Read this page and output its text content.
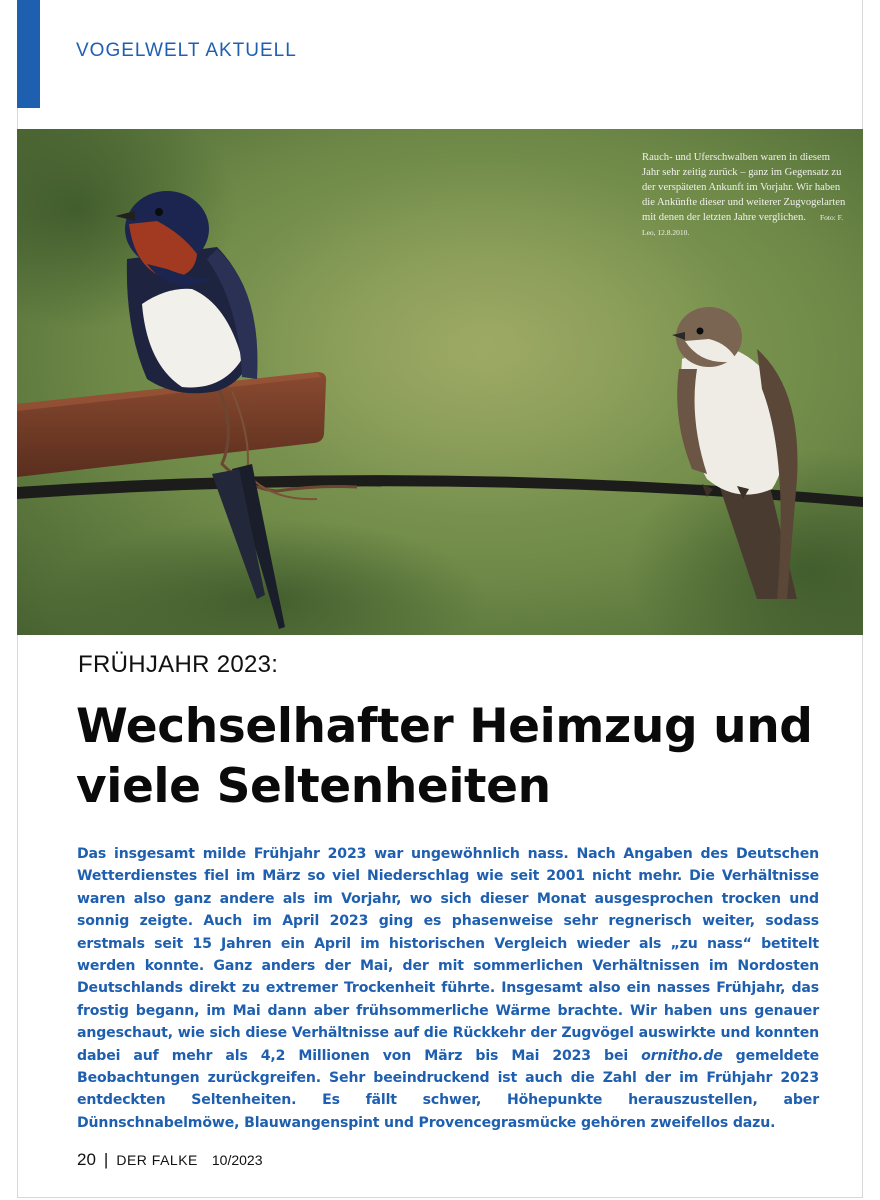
VOGELWELT AKTUELL
Rauch- und Uferschwalben waren in diesem Jahr sehr zeitig zurück – ganz im Gegensatz zu der verspäteten Ankunft im Vorjahr. Wir haben die Ankünfte dieser und weiterer Zugvogelarten mit denen der letzten Jahre verglichen. Foto: F. Leo, 12.8.2010.
FRÜHJAHR 2023:
Wechselhafter Heimzug und
viele Seltenheiten

Das insgesamt milde Frühjahr 2023 war ungewöhnlich nass. Nach Angaben des Deutschen Wetterdienstes fiel im März so viel Niederschlag wie seit 2001 nicht mehr. Die Verhältnisse waren also ganz andere als im Vorjahr, wo sich dieser Monat ausgesprochen trocken und sonnig zeigte. Auch im April 2023 ging es phasenweise sehr regnerisch weiter, sodass erstmals seit 15 Jahren ein April im historischen Vergleich wieder als „zu nass“ betitelt werden konnte. Ganz anders der Mai, der mit sommerlichen Verhältnissen im Nordosten Deutschlands direkt zu extremer Trockenheit führte. Insgesamt also ein nasses Frühjahr, das frostig begann, im Mai dann aber frühsommerliche Wärme brachte. Wir haben uns genauer angeschaut, wie sich diese Verhältnisse auf die Rückkehr der Zugvögel auswirkte und konnten dabei auf mehr als 4,2 Millionen von März bis Mai 2023 bei ornitho.de gemeldete Beobachtungen zurückgreifen. Sehr beeindruckend ist auch die Zahl der im Frühjahr 2023 entdeckten Seltenheiten. Es fällt schwer, Höhepunkte herauszustellen, aber Dünnschnabelmöwe, Blauwangenspint und Provencegrasmücke gehören zweifellos dazu.

20 | DER FALKE 10/2023
